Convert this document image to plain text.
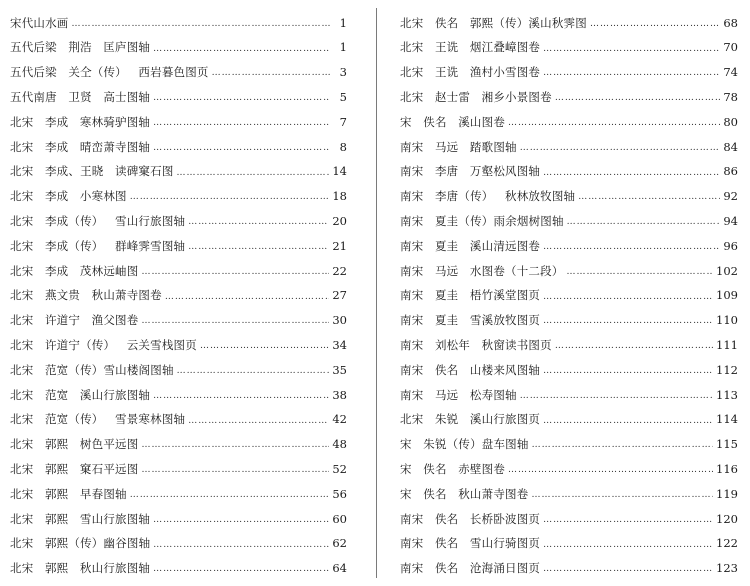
宋代山水画 …………………………………………………………………………………………………………………………………………………………………………	1
五代后梁   荆浩   匡庐图轴 …………………………………………………………………………………………………………………………………………………………………………	1
五代后梁   关仝（传）   西岩暮色图页 …………………………………………………………………………………………………………………………………………………………………………	3
五代南唐   卫贤   高士图轴 …………………………………………………………………………………………………………………………………………………………………………	5
北宋   李成   寒林骑驴图轴 …………………………………………………………………………………………………………………………………………………………………………	7
北宋   李成   晴峦萧寺图轴 …………………………………………………………………………………………………………………………………………………………………………	8
北宋   李成、王晓   读碑窠石图 …………………………………………………………………………………………………………………………………………………………………………	14
北宋   李成   小寒林图 …………………………………………………………………………………………………………………………………………………………………………	18
北宋   李成（传）   雪山行旅图轴 …………………………………………………………………………………………………………………………………………………………………………	20
北宋   李成（传）   群峰霁雪图轴 …………………………………………………………………………………………………………………………………………………………………………	21
北宋   李成   茂林远岫图 …………………………………………………………………………………………………………………………………………………………………………	22
北宋   燕文贵   秋山萧寺图卷 …………………………………………………………………………………………………………………………………………………………………………	27
北宋   许道宁   渔父图卷 …………………………………………………………………………………………………………………………………………………………………………	30
北宋   许道宁（传）   云关雪栈图页 …………………………………………………………………………………………………………………………………………………………………………	34
北宋   范宽（传）雪山楼阁图轴 …………………………………………………………………………………………………………………………………………………………………………	35
北宋   范宽   溪山行旅图轴 …………………………………………………………………………………………………………………………………………………………………………	38
北宋   范宽（传）   雪景寒林图轴 …………………………………………………………………………………………………………………………………………………………………………	42
北宋   郭熙   树色平远图 …………………………………………………………………………………………………………………………………………………………………………	48
北宋   郭熙   窠石平远图 …………………………………………………………………………………………………………………………………………………………………………	52
北宋   郭熙   早春图轴 …………………………………………………………………………………………………………………………………………………………………………	56
北宋   郭熙   雪山行旅图轴 …………………………………………………………………………………………………………………………………………………………………………	60
北宋   郭熙（传）幽谷图轴 …………………………………………………………………………………………………………………………………………………………………………	62
北宋   郭熙   秋山行旅图轴 …………………………………………………………………………………………………………………………………………………………………………	64
北宋   佚名   郭熙（传）溪山秋霁图 …………………………………………………………………………………………………………………………………………………………………………	68
北宋   王诜   烟江叠嶂图卷 …………………………………………………………………………………………………………………………………………………………………………	70
北宋   王诜   渔村小雪图卷 …………………………………………………………………………………………………………………………………………………………………………	74
北宋   赵士雷   湘乡小景图卷 …………………………………………………………………………………………………………………………………………………………………………	78
宋   佚名   溪山图卷 …………………………………………………………………………………………………………………………………………………………………………	80
南宋   马远   踏歌图轴 …………………………………………………………………………………………………………………………………………………………………………	84
南宋   李唐   万壑松风图轴 …………………………………………………………………………………………………………………………………………………………………………	86
南宋   李唐（传）   秋林放牧图轴 …………………………………………………………………………………………………………………………………………………………………………	92
南宋   夏圭（传）雨余烟树图轴 …………………………………………………………………………………………………………………………………………………………………………	94
南宋   夏圭   溪山清远图卷 …………………………………………………………………………………………………………………………………………………………………………	96
南宋   马远   水图卷（十二段） …………………………………………………………………………………………………………………………………………………………………………	102
南宋   夏圭   梧竹溪堂图页 …………………………………………………………………………………………………………………………………………………………………………	109
南宋   夏圭   雪溪放牧图页 …………………………………………………………………………………………………………………………………………………………………………	110
南宋   刘松年   秋窗读书图页 …………………………………………………………………………………………………………………………………………………………………………	111
南宋   佚名   山楼来风图轴 …………………………………………………………………………………………………………………………………………………………………………	112
南宋   马远   松寿图轴 …………………………………………………………………………………………………………………………………………………………………………	113
北宋   朱锐   溪山行旅图页 …………………………………………………………………………………………………………………………………………………………………………	114
宋   朱锐（传）盘车图轴 …………………………………………………………………………………………………………………………………………………………………………	115
宋   佚名   赤壁图卷 …………………………………………………………………………………………………………………………………………………………………………	116
宋   佚名   秋山萧寺图卷 …………………………………………………………………………………………………………………………………………………………………………	119
南宋   佚名   长桥卧波图页 …………………………………………………………………………………………………………………………………………………………………………	120
南宋   佚名   雪山行骑图页 …………………………………………………………………………………………………………………………………………………………………………	122
南宋   佚名   沧海涌日图页 …………………………………………………………………………………………………………………………………………………………………………	123
